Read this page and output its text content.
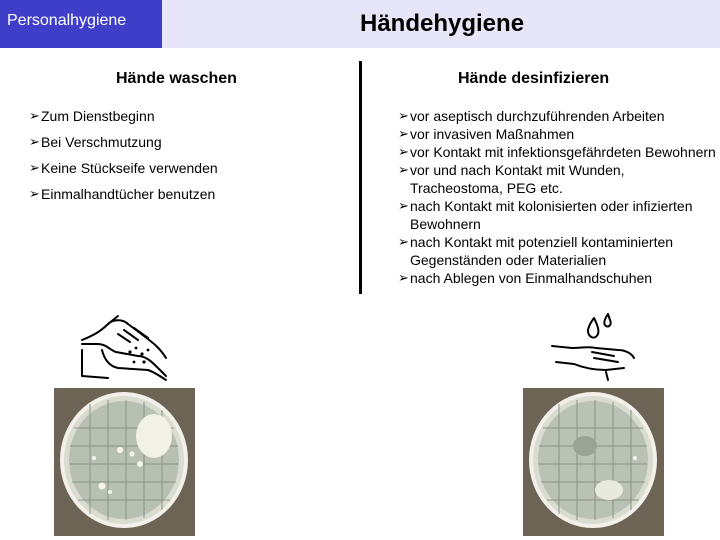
Personalhygiene	Händehygiene
Hände waschen	Hände desinfizieren
➢ Zum Dienstbeginn
➢ Bei Verschmutzung
➢ Keine Stückseife verwenden
➢ Einmalhandtücher benutzen
➢ vor aseptisch durchzuführenden Arbeiten
➢ vor invasiven Maßnahmen
➢ vor Kontakt mit infektionsgefährdeten Bewohnern
➢ vor und nach Kontakt mit Wunden, Tracheostoma, PEG etc.
➢ nach Kontakt mit kolonisierten oder infizierten Bewohnern
➢ nach Kontakt mit potenziell kontaminierten Gegenständen oder Materialien
➢ nach Ablegen von Einmalhandschuhen
